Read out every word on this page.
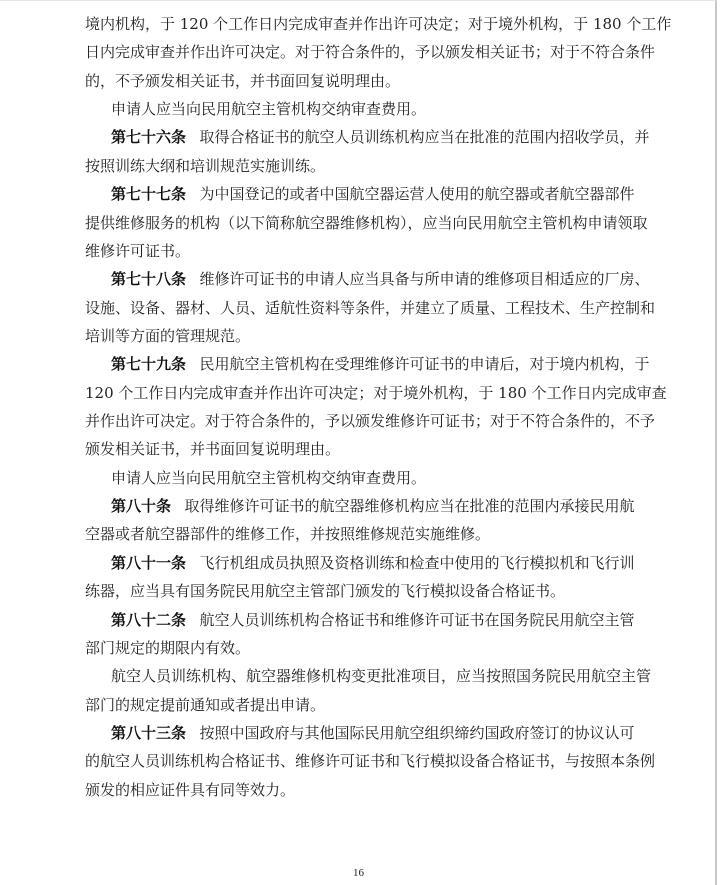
境内机构，于 120 个工作日内完成审查并作出许可决定；对于境外机构，于 180 个工作
日内完成审查并作出许可决定。对于符合条件的，予以颁发相关证书；对于不符合条件
的，不予颁发相关证书，并书面回复说明理由。
申请人应当向民用航空主管机构交纳审查费用。
第七十六条 取得合格证书的航空人员训练机构应当在批准的范围内招收学员，并
按照训练大纲和培训规范实施训练。
第七十七条 为中国登记的或者中国航空器运营人使用的航空器或者航空器部件
提供维修服务的机构（以下简称航空器维修机构），应当向民用航空主管机构申请领取
维修许可证书。
第七十八条 维修许可证书的申请人应当具备与所申请的维修项目相适应的厂房、
设施、设备、器材、人员、适航性资料等条件，并建立了质量、工程技术、生产控制和
培训等方面的管理规范。
第七十九条 民用航空主管机构在受理维修许可证书的申请后，对于境内机构，于
120 个工作日内完成审查并作出许可决定；对于境外机构，于 180 个工作日内完成审查
并作出许可决定。对于符合条件的，予以颁发维修许可证书；对于不符合条件的，不予
颁发相关证书，并书面回复说明理由。
申请人应当向民用航空主管机构交纳审查费用。
第八十条 取得维修许可证书的航空器维修机构应当在批准的范围内承接民用航
空器或者航空器部件的维修工作，并按照维修规范实施维修。
第八十一条 飞行机组成员执照及资格训练和检查中使用的飞行模拟机和飞行训
练器，应当具有国务院民用航空主管部门颁发的飞行模拟设备合格证书。
第八十二条 航空人员训练机构合格证书和维修许可证书在国务院民用航空主管
部门规定的期限内有效。
航空人员训练机构、航空器维修机构变更批准项目，应当按照国务院民用航空主管
部门的规定提前通知或者提出申请。
第八十三条 按照中国政府与其他国际民用航空组织缔约国政府签订的协议认可
的航空人员训练机构合格证书、维修许可证书和飞行模拟设备合格证书，与按照本条例
颁发的相应证件具有同等效力。
16
